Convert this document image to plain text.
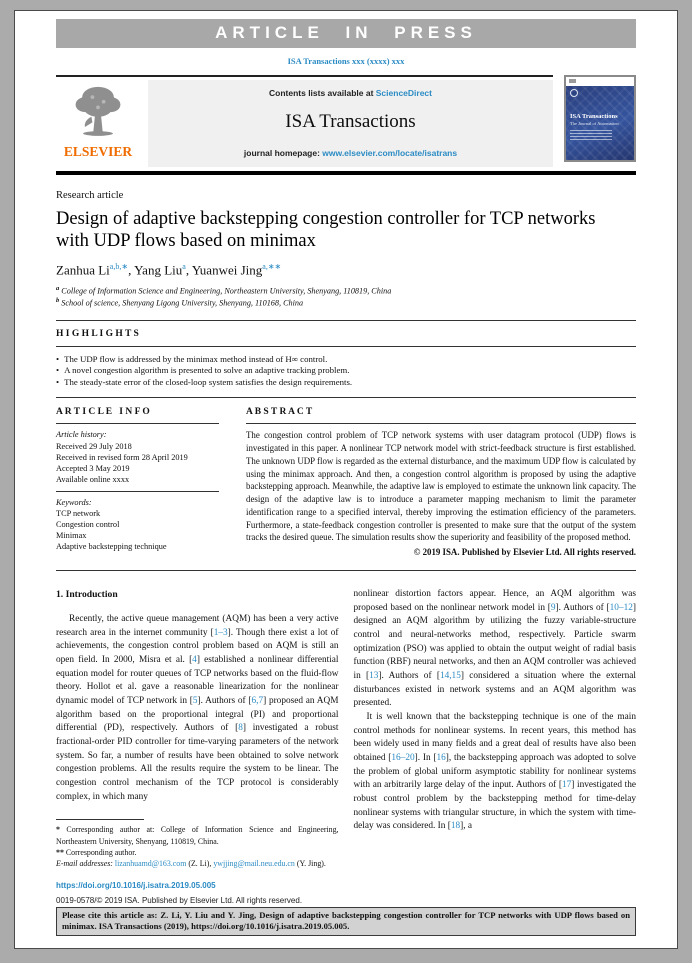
ARTICLE IN PRESS
ISA Transactions xxx (xxxx) xxx
ELSEVIER
Contents lists available at ScienceDirect
ISA Transactions
journal homepage: www.elsevier.com/locate/isatrans
ISA Transactions
The Journal of Automation
Research article
Design of adaptive backstepping congestion controller for TCP networks with UDP flows based on minimax
Zanhua $Li^{a,b,∗}$, Yang Liu$^a$, Yuanwei Jing$^{a,∗∗}$
$^a$ College of Information Science and Engineering, Northeastern University, Shenyang, 110819, China
$^b$ School of science, Shenyang Ligong University, Shenyang, 110168, China
H I G H L I G H T S
• The UDP flow is addressed by the minimax method instead of H∞ control.
• A novel congestion algorithm is presented to solve an adaptive tracking problem.
• The steady-state error of the closed-loop system satisfies the design requirements.
A R T I C L E   I N F O
Article history:
Received 29 July 2018
Received in revised form 28 April 2019
Accepted 3 May 2019
Available online xxxx
Keywords:
TCP network
Congestion control
Minimax
Adaptive backstepping technique
A B S T R A C T
The congestion control problem of TCP network systems with user datagram protocol (UDP) flows is investigated in this paper. A nonlinear TCP network model with strict-feedback structure is first established. The unknown UDP flow is regarded as the external disturbance, and the maximum UDP flow is calculated by using the minimax approach. And then, a congestion control algorithm is proposed by using the adaptive backstepping approach. Meanwhile, the adaptive law is employed to estimate the unknown link capacity. The design of the adaptive law is to introduce a parameter mapping mechanism to limit the parameter identification range to a specified interval, thereby improving the estimation efficiency of the parameters. Furthermore, a state-feedback congestion controller is presented to make sure that the output of the system tracks the desired queue. The simulation results show the superiority and feasibility of the proposed method.
© 2019 ISA. Published by Elsevier Ltd. All rights reserved.
1. Introduction

Recently, the active queue management (AQM) has been a very active research area in the internet community [1–3]. Though there exist a lot of achievements, the congestion control problem based on AQM is still an open field. In 2000, Misra et al. [4] established a nonlinear differential equation model for router queues of TCP networks based on the fluid-flow theory. Hollot et al. gave a reasonable linearization for the nonlinear dynamic model of TCP network in [5]. Authors of [6,7] proposed an AQM algorithm based on the proportional integral (PI) and proportional differential (PD), respectively. Authors of [8] investigated a robust fractional-order PID controller for time-varying parameters of the network system. So far, a number of results have been obtained to solve network congestion problems. All the results require the system to be linear. The congestion control mechanism of the TCP protocol is considerably complex, in which many

* Corresponding author at: College of Information Science and Engineering, Northeastern University, Shenyang, 110819, China.
** Corresponding author.
E-mail addresses: lizanhuamd@163.com (Z. Li), ywjjing@mail.neu.edu.cn (Y. Jing).
https://doi.org/10.1016/j.isatra.2019.05.005
0019-0578/© 2019 ISA. Published by Elsevier Ltd. All rights reserved.

nonlinear distortion factors appear. Hence, an AQM algorithm was proposed based on the nonlinear network model in [9]. Authors of [10–12] designed an AQM algorithm by utilizing the fuzzy variable-structure control and neural-networks method, respectively. Particle swarm optimization (PSO) was applied to obtain the output weight of radial basis function (RBF) neural networks, and then an AQM controller was achieved in [13]. Authors of [14,15] considered a situation where the external disturbances existed in network systems and an AQM algorithm was presented.

It is well known that the backstepping technique is one of the main control methods for nonlinear systems. In recent years, this method has been widely used in many fields and a great deal of results have also been obtained [16–20]. In [16], the backstepping approach was adopted to solve the problem of global uniform asymptotic stability for nonlinear systems with an arbitrarily large delay of the input. Authors of [17] investigated the robust control problem by the backstepping method for time-delay nonlinear systems with triangular structure, in which the system with time-delay was considered. In [18], a

Please cite this article as: Z. Li, Y. Liu and Y. Jing, Design of adaptive backstepping congestion controller for TCP networks with UDP flows based on minimax. ISA Transactions (2019), https://doi.org/10.1016/j.isatra.2019.05.005.
